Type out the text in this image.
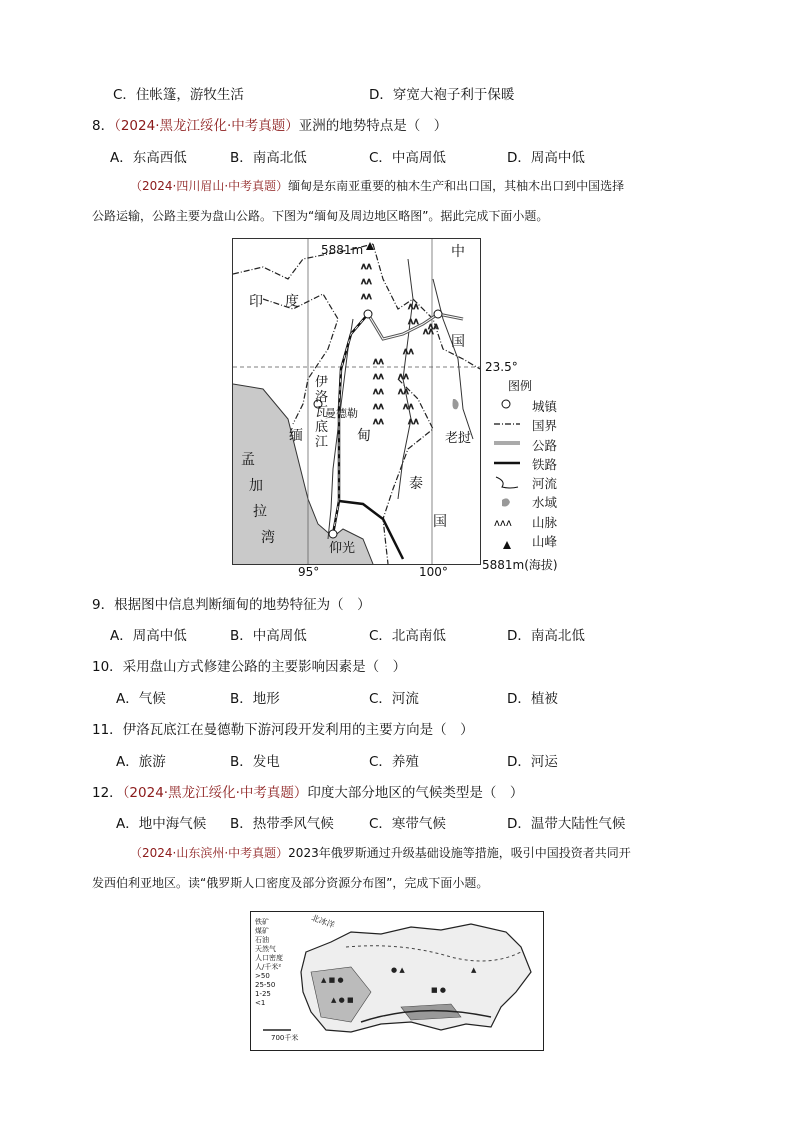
C．住帐篷，游牧生活	D．穿宽大袍子利于保暖
8．（2024·黑龙江绥化·中考真题）亚洲的地势特点是（　）
A．东高西低	B．南高北低	C．中高周低	D．周高中低
（2024·四川眉山·中考真题）缅甸是东南亚重要的柚木生产和出口国，其柚木出口到中国选择
公路运输，公路主要为盘山公路。下图为“缅甸及周边地区略图”。据此完成下面小题。
ʌʌ
ʌʌ
ʌʌ
ʌʌ
ʌʌ
ʌʌ
ʌʌ
ʌʌ
ʌʌ
ʌʌ
ʌʌ
ʌʌ
ʌʌ
ʌʌ
ʌʌ
ʌʌ
ʌʌ
5881m
印度
中
国
伊洛瓦底江
曼德勒
缅	甸
泰
国
老挝
孟
加
拉
湾
仰光
95°	100°
23.5°
图例
ʌʌʌ
城镇
国界
公路
铁路
河流
水域
山脉
山峰
5881m(海拔)
9．根据图中信息判断缅甸的地势特征为（　）
A．周高中低	B．中高周低	C．北高南低	D．南高北低
10．采用盘山方式修建公路的主要影响因素是（　）
A．气候	B．地形	C．河流	D．植被
11．伊洛瓦底江在曼德勒下游河段开发利用的主要方向是（　）
A．旅游	B．发电	C．养殖	D．河运
12．（2024·黑龙江绥化·中考真题）印度大部分地区的气候类型是（　）
A．地中海气候 B．热带季风气候	C．寒带气候	D．温带大陆性气候
（2024·山东滨州·中考真题）2023年俄罗斯通过升级基础设施等措施，吸引中国投资者共同开
发西伯利亚地区。读“俄罗斯人口密度及部分资源分布图”，完成下面小题。
▲ ■ ●
▲ ● ■
● ▲
■ ●
▲
铁矿
煤矿
石油
天然气
人口密度
人/千米²
>50
25-50
1-25
<1
北冰洋
700千米
